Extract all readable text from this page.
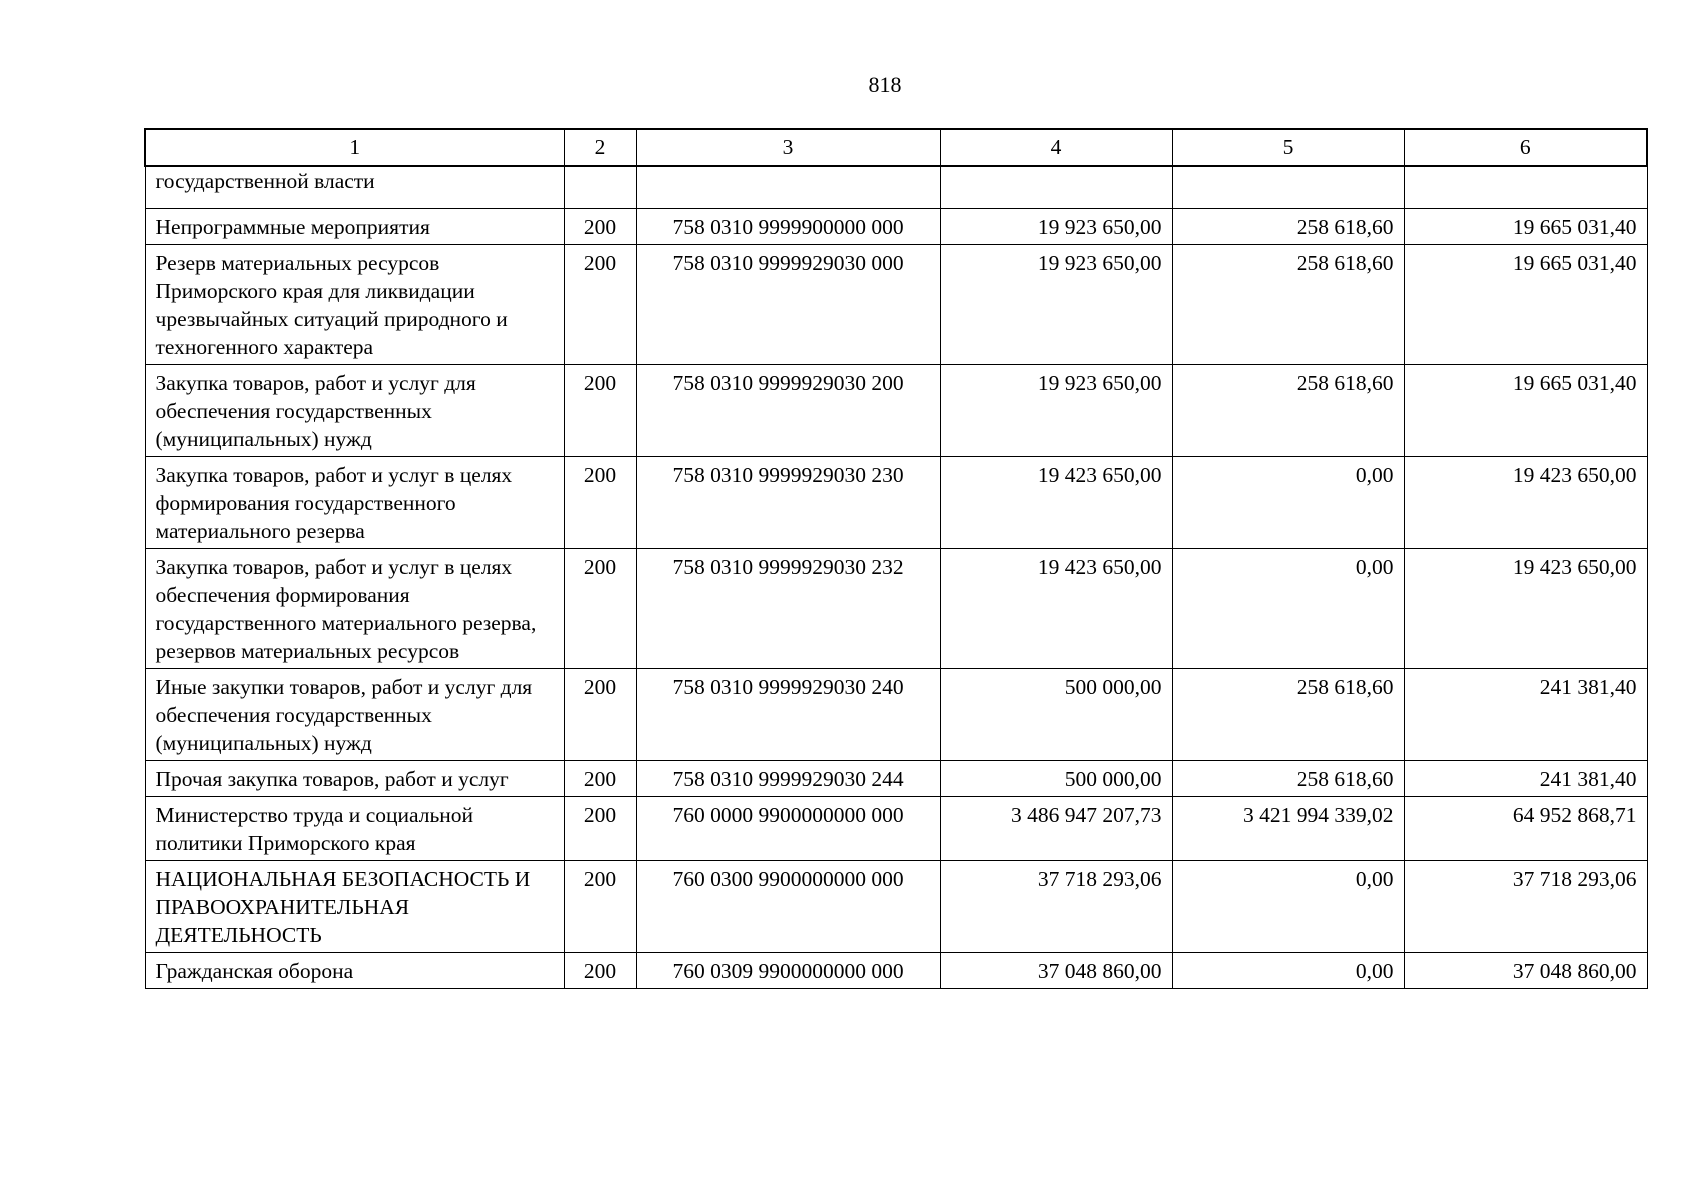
818
1	2	3	4	5	6
государственной власти					
Непрограммные мероприятия	200	758 0310 9999900000 000	19 923 650,00	258 618,60	19 665 031,40
Резерв материальных ресурсов Приморского края для ликвидации чрезвычайных ситуаций природного и техногенного характера	200	758 0310 9999929030 000	19 923 650,00	258 618,60	19 665 031,40
Закупка товаров, работ и услуг для обеспечения государственных (муниципальных) нужд	200	758 0310 9999929030 200	19 923 650,00	258 618,60	19 665 031,40
Закупка товаров, работ и услуг в целях формирования государственного материального резерва	200	758 0310 9999929030 230	19 423 650,00	0,00	19 423 650,00
Закупка товаров, работ и услуг в целях обеспечения формирования государственного материального резерва, резервов материальных ресурсов	200	758 0310 9999929030 232	19 423 650,00	0,00	19 423 650,00
Иные закупки товаров, работ и услуг для обеспечения государственных (муниципальных) нужд	200	758 0310 9999929030 240	500 000,00	258 618,60	241 381,40
Прочая закупка товаров, работ и услуг	200	758 0310 9999929030 244	500 000,00	258 618,60	241 381,40
Министерство труда и социальной политики Приморского края	200	760 0000 9900000000 000	3 486 947 207,73	3 421 994 339,02	64 952 868,71
НАЦИОНАЛЬНАЯ БЕЗОПАСНОСТЬ И ПРАВООХРАНИТЕЛЬНАЯ ДЕЯТЕЛЬНОСТЬ	200	760 0300 9900000000 000	37 718 293,06	0,00	37 718 293,06
Гражданская оборона	200	760 0309 9900000000 000	37 048 860,00	0,00	37 048 860,00
